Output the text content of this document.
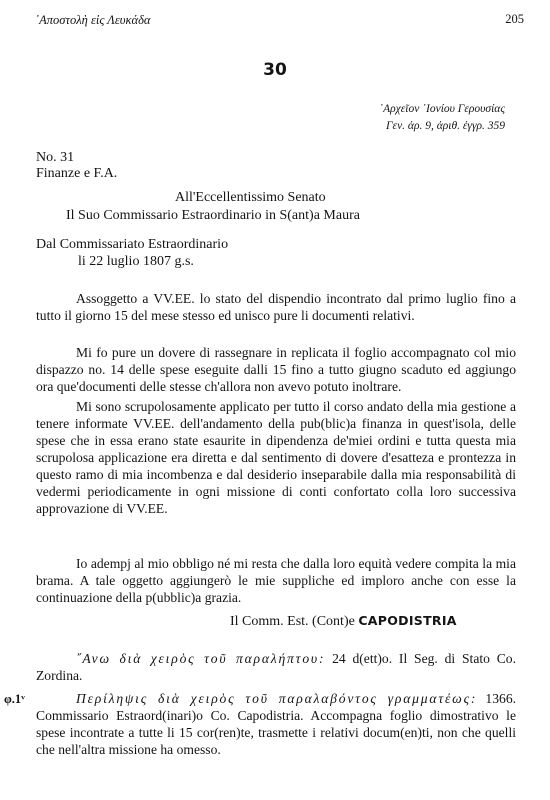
᾿Αποστολὴ εἰς Λευκάδα	205
30
᾿Αρχεῖον ᾿Ιονίου Γερουσίας
Γεν. ἀρ. 9, ἀριθ. ἐγγρ. 359
No. 31
Finanze e F.A.
All'Eccellentissimo Senato
Il Suo Commissario Estraordinario in S(ant)a Maura
Dal Commissariato Estraordinario
li 22 luglio 1807 g.s.

Assoggetto a VV.EE. lo stato del dispendio incontrato dal primo luglio fino a tutto il giorno 15 del mese stesso ed unisco pure li documenti relativi.

Mi fo pure un dovere di rassegnare in replicata il foglio accompagnato col mio dispazzo no. 14 delle spese eseguite dalli 15 fino a tutto giugno scaduto ed aggiungo ora que'documenti delle stesse ch'allora non avevo potuto inoltrare.

Mi sono scrupolosamente applicato per tutto il corso andato della mia gestione a tenere informate VV.EE. dell'andamento della pub(blic)a finanza in quest'isola, delle spese che in essa erano state esaurite in dipendenza de'miei ordini e tutta questa mia scrupolosa applicazione era diretta e dal sentimento di dovere d'esatteza e prontezza in questo ramo di mia incombenza e dal desiderio inseparabile dalla mia responsabilità di vedermi periodicamente in ogni missione di conti confortato colla loro successiva approvazione di VV.EE.

Io adempj al mio obbligo né mi resta che dalla loro equità vedere compita la mia brama. A tale oggetto aggiungerò le mie suppliche ed imploro anche con esse la continuazione della p(ubblic)a grazia.

Il Comm. Est. (Cont)e CAPODISTRIA

῎Ανω διὰ χειρὸς τοῦ παραλήπτου: 24 d(ett)o. Il Seg. di Stato Co. Zordina.

φ.1ᵛ	Περίληψις διὰ χειρὸς τοῦ παραλαβόντος γραμματέως: 1366. Commissario Estraord(inari)o Co. Capodistria. Accompagna foglio dimostrativo le spese incontrate a tutte li 15 cor(ren)te, trasmette i relativi docum(en)ti, non che quelli che nell'altra missione ha omesso.
